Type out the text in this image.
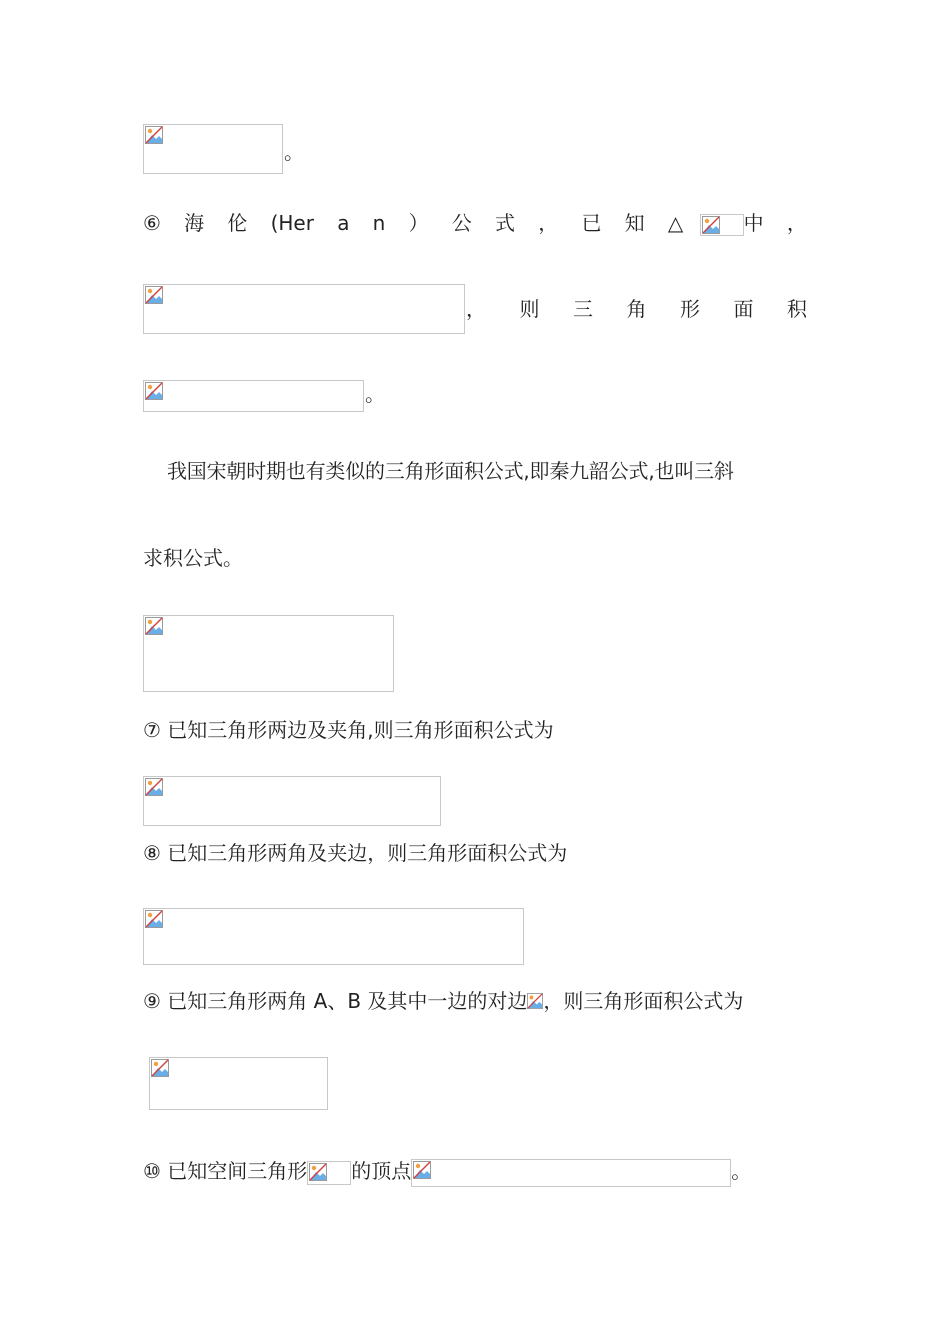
。
⑥ 海 伦 (Her a n ） 公 式 ， 已 知 △	中 ，
， 则 三 角 形 面 积
。
我国宋朝时期也有类似的三角形面积公式,即秦九韶公式,也叫三斜
求积公式。
⑦ 已知三角形两边及夹角,则三角形面积公式为
⑧ 已知三角形两角及夹边，则三角形面积公式为
⑨ 已知三角形两角 A、B 及其中一边的对边 ，则三角形面积公式为
⑩ 已知空间三角形 的顶点	。
